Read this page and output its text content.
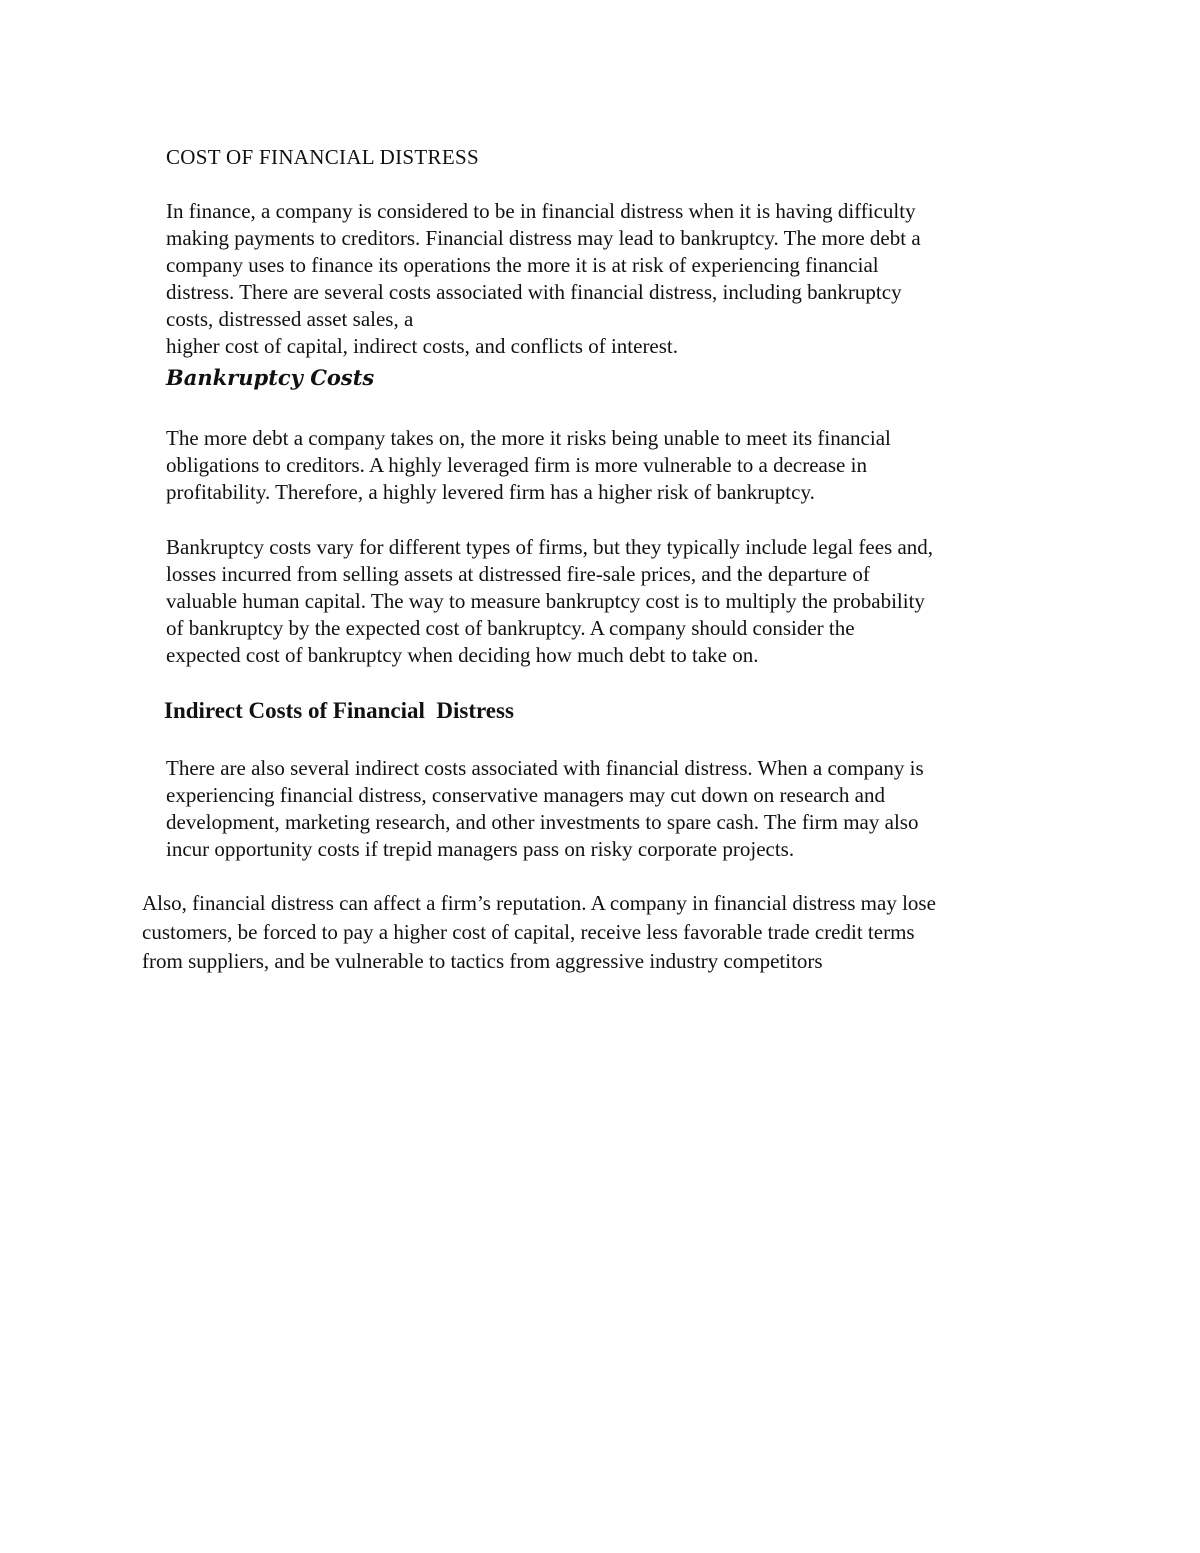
COST OF FINANCIAL DISTRESS

In finance, a company is considered to be in financial distress when it is having difficulty
making payments to creditors. Financial distress may lead to bankruptcy. The more debt a
company uses to finance its operations the more it is at risk of experiencing financial
distress. There are several costs associated with financial distress, including bankruptcy
costs, distressed asset sales, a
higher cost of capital, indirect costs, and conflicts of interest.

Bankruptcy Costs

The more debt a company takes on, the more it risks being unable to meet its financial
obligations to creditors. A highly leveraged firm is more vulnerable to a decrease in
profitability. Therefore, a highly levered firm has a higher risk of bankruptcy.

Bankruptcy costs vary for different types of firms, but they typically include legal fees and,
losses incurred from selling assets at distressed fire-sale prices, and the departure of
valuable human capital. The way to measure bankruptcy cost is to multiply the probability
of bankruptcy by the expected cost of bankruptcy. A company should consider the
expected cost of bankruptcy when deciding how much debt to take on.

Indirect Costs of Financial  Distress

There are also several indirect costs associated with financial distress. When a company is
experiencing financial distress, conservative managers may cut down on research and
development, marketing research, and other investments to spare cash. The firm may also
incur opportunity costs if trepid managers pass on risky corporate projects.

Also, financial distress can affect a firm’s reputation. A company in financial distress may lose
customers, be forced to pay a higher cost of capital, receive less favorable trade credit terms
from suppliers, and be vulnerable to tactics from aggressive industry competitors
